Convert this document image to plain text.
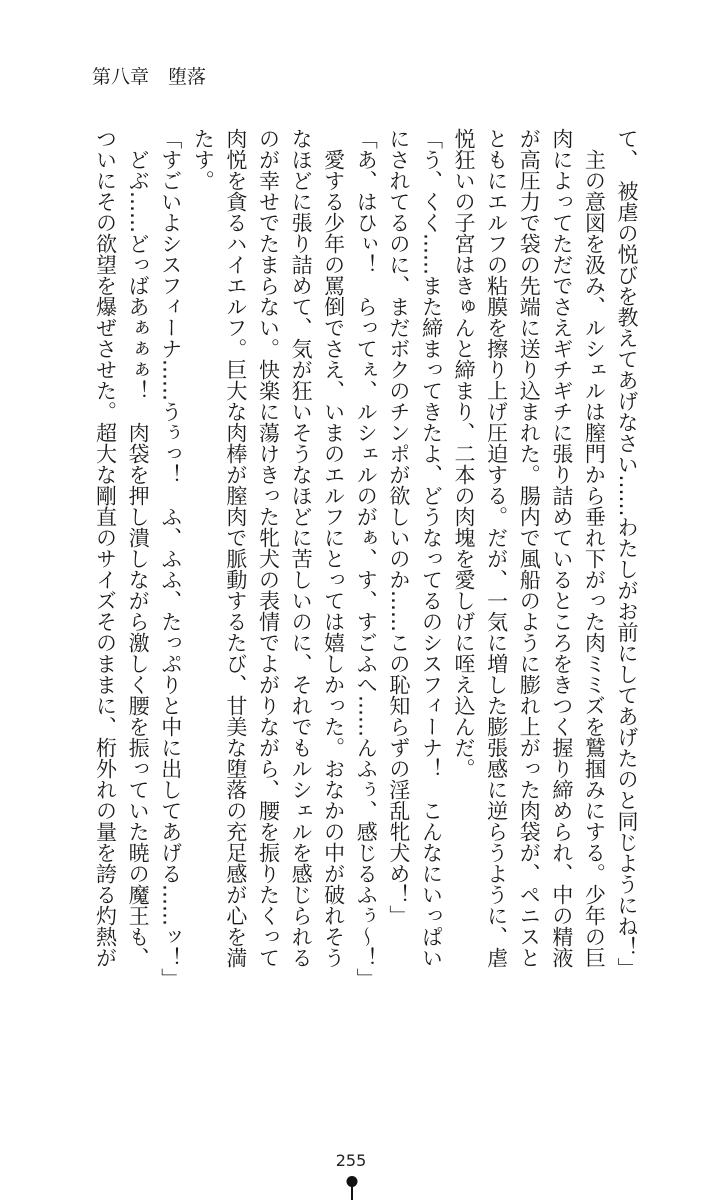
第八章　堕落

て、　被虐の悦びを教えてあげなさい……わたしがお前にしてあげたのと同じようにね！」

　主の意図を汲み、ルシェルは膣門から垂れ下がった肉ミミズを鷲掴みにする。少年の巨

肉によってただでさえギチギチに張り詰めているところをきつく握り締められ、中の精液

が高圧力で袋の先端に送り込まれた。腸内で風船のように膨れ上がった肉袋が、ペニスと

ともにエルフの粘膜を擦り上げ圧迫する。だが、一気に増した膨張感に逆らうように、虐

悦狂いの子宮はきゅんと締まり、二本の肉塊を愛しげに咥え込んだ。

「う、くく……また締まってきたよ、どうなってるのシスフィーナ！　こんなにいっぱい

にされてるのに、まだボクのチンポが欲しいのか……この恥知らずの淫乱牝犬め！」

「あ、はひぃ！　らってぇ、ルシェルのがぁ、す、すごふへ……んふぅ、感じるふぅ～！」

　愛する少年の罵倒でさえ、いまのエルフにとっては嬉しかった。おなかの中が破れそう

なほどに張り詰めて、気が狂いそうなほどに苦しいのに、それでもルシェルを感じられる

のが幸せでたまらない。快楽に蕩けきった牝犬の表情でよがりながら、腰を振りたくって

肉悦を貪るハイエルフ。巨大な肉棒が膣肉で脈動するたび、甘美な堕落の充足感が心を満

たす。

「すごいよシスフィーナ……うぅっ！　ふ、ふふ、たっぷりと中に出してあげる……ッ！」

　どぶ……どっばあぁぁぁ！　肉袋を押し潰しながら激しく腰を振っていた暁の魔王も、

ついにその欲望を爆ぜさせた。超大な剛直のサイズそのままに、桁外れの量を誇る灼熱が

255
